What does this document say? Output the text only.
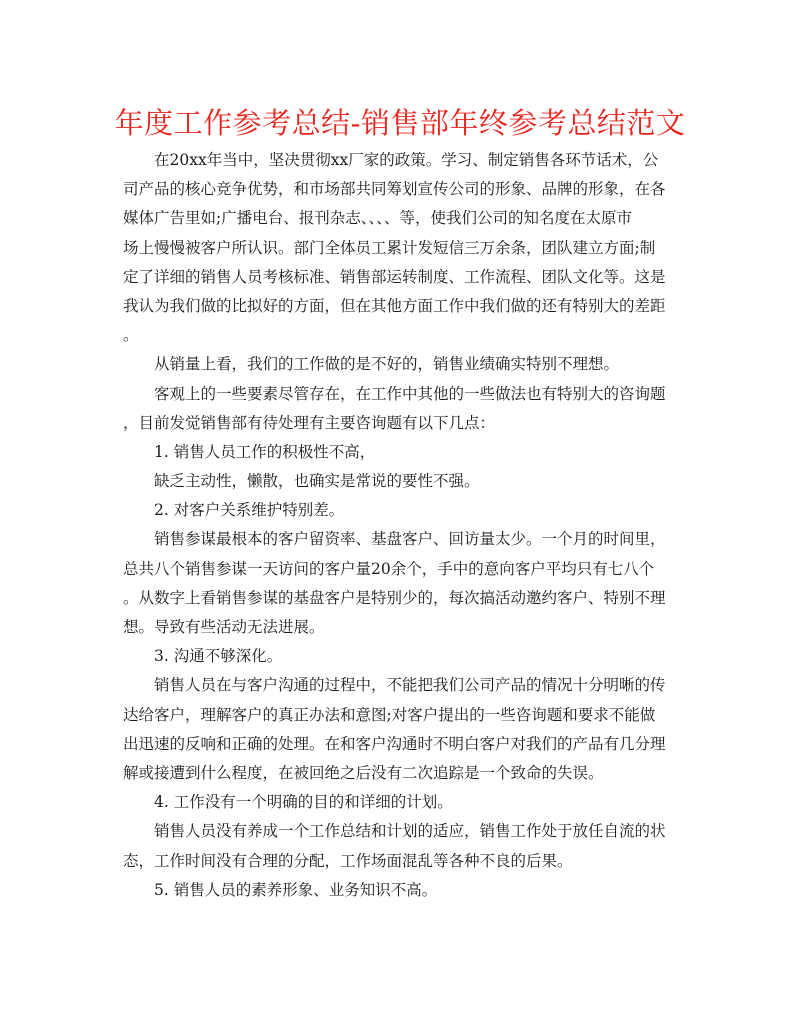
年度工作参考总结-销售部年终参考总结范文
在20xx年当中，坚决贯彻xx厂家的政策。学习、制定销售各环节话术，公
司产品的核心竞争优势，和市场部共同筹划宣传公司的形象、品牌的形象，在各
媒体广告里如;广播电台、报刊杂志、、、、等，使我们公司的知名度在太原市
场上慢慢被客户所认识。部门全体员工累计发短信三万余条，团队建立方面;制
定了详细的销售人员考核标准、销售部运转制度、工作流程、团队文化等。这是
我认为我们做的比拟好的方面，但在其他方面工作中我们做的还有特别大的差距
。
从销量上看，我们的工作做的是不好的，销售业绩确实特别不理想。
客观上的一些要素尽管存在，在工作中其他的一些做法也有特别大的咨询题
，目前发觉销售部有待处理有主要咨询题有以下几点：
1. 销售人员工作的积极性不高，
缺乏主动性，懒散，也确实是常说的要性不强。
2. 对客户关系维护特别差。
销售参谋最根本的客户留资率、基盘客户、回访量太少。一个月的时间里，
总共八个销售参谋一天访问的客户量20余个，手中的意向客户平均只有七八个
。从数字上看销售参谋的基盘客户是特别少的，每次搞活动邀约客户、特别不理
想。导致有些活动无法进展。
3. 沟通不够深化。
销售人员在与客户沟通的过程中，不能把我们公司产品的情况十分明晰的传
达给客户，理解客户的真正办法和意图;对客户提出的一些咨询题和要求不能做
出迅速的反响和正确的处理。在和客户沟通时不明白客户对我们的产品有几分理
解或接遭到什么程度，在被回绝之后没有二次追踪是一个致命的失误。
4. 工作没有一个明确的目的和详细的计划。
销售人员没有养成一个工作总结和计划的适应，销售工作处于放任自流的状
态，工作时间没有合理的分配，工作场面混乱等各种不良的后果。
5. 销售人员的素养形象、业务知识不高。
